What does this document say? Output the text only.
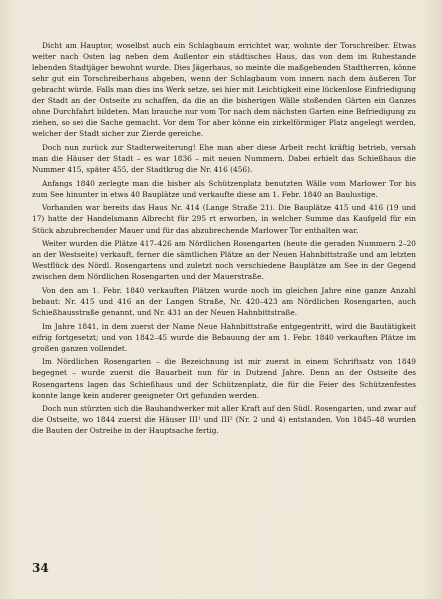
Dicht am Hauptor, woselbst auch ein Schlagbaum errichtet war, wohnte der Torschreiber. Etwas weiter nach Osten lag neben dem Außentor ein städtisches Haus, das von dem im Ruhestande lebenden Stadtjäger bewohnt wurde. Dies Jägerhaus, so meinte die maßgebenden Stadtherren, könne sehr gut ein Torschreiberhaus abgeben, wenn der Schlagbaum vom innern nach dem äußeren Tor gebracht würde. Falls man dies ins Werk setze, sei hier mit Leichtigkeit eine lückenlose Einfriedigung der Stadt an der Ostseite zu schaffen, da die an die bisherigen Wälle stoßenden Gärten ein Ganzes ohne Durchfahrt bildeten. Man brauche nur vom Tor nach dem nächsten Garten eine Befriedigung zu ziehen, so sei die Sache gemacht. Vor dem Tor aber könne ein zirkelförmiger Platz angelegt werden, welcher der Stadt sicher zur Zierde gereiche.

Doch nun zurück zur Stadterweiterung! Ehe man aber diese Arbeit recht kräftig betrieb, versah man die Häuser der Stadt – es war 1836 – mit neuen Nummern. Dabei erhielt das Schießhaus die Nummer 415, später 455, der Stadtkrug die Nr. 416 (456).

Anfangs 1840 zerlegte man die bisher als Schützenplatz benutzten Wälle vom Marlower Tor bis zum See hinunter in etwa 40 Bauplätze und verkaufte diese am 1. Febr. 1840 an Baulustige.

Vorhanden war bereits das Haus Nr. 414 (Lange Straße 21). Die Bauplätze 415 und 416 (19 und 17) hatte der Handelsmann Albrecht für 295 rt erworben, in welcher Summe das Kaufgeld für ein Stück abzubrechender Mauer und für das abzubrechende Marlower Tor enthalten war.

Weiter wurden die Plätze 417–426 am Nördlichen Rosengarten (heute die geraden Nummern 2–20 an der Westseite) verkauft, ferner die sämtlichen Plätze an der Neuen Hahnbittstraße und am letzten Westflück des Nördl. Rosengartens und zuletzt noch verschiedene Bauplätze am See in der Gegend zwischen dem Nördlichen Rosengarten und der Mauerstraße.

Von den am 1. Febr. 1840 verkauften Plätzen wurde noch im gleichen Jahre eine ganze Anzahl bebaut: Nr. 415 und 416 an der Langen Straße, Nr. 420–423 am Nördlichen Rosengarten, auch Schießhausstraße genannt, und Nr. 431 an der Neuen Hahnbittstraße.

Im Jahre 1841, in dem zuerst der Name Neue Hahnbittstraße entgegentritt, wird die Bautätigkeit eifrig fortgesetzt; und von 1842–45 wurde die Bebauung der am 1. Febr. 1840 verkauften Plätze im großen ganzen vollendet.

Im Nördlichen Rosengarten – die Bezeichnung ist mir zuerst in einem Schriftsatz von 1849 begegnet – wurde zuerst die Bauarbeit nun für in Dutzend Jahre. Denn an der Ostseite des Rosengartens lagen das Schießhaus und der Schützenplatz, die für die Feier des Schützenfestes konnte lange kein anderer geeigneter Ort gefunden werden.

Doch nun stürzten sich die Bauhandwerker mit aller Kraft auf den Südl. Rosengarten, und zwar auf die Ostseite, wo 1844 zuerst die Häuser III¹ und III² (Nr. 2 und 4) entstanden. Von 1845–48 wurden die Bauten der Ostreihe in der Hauptsache fertig.

34
